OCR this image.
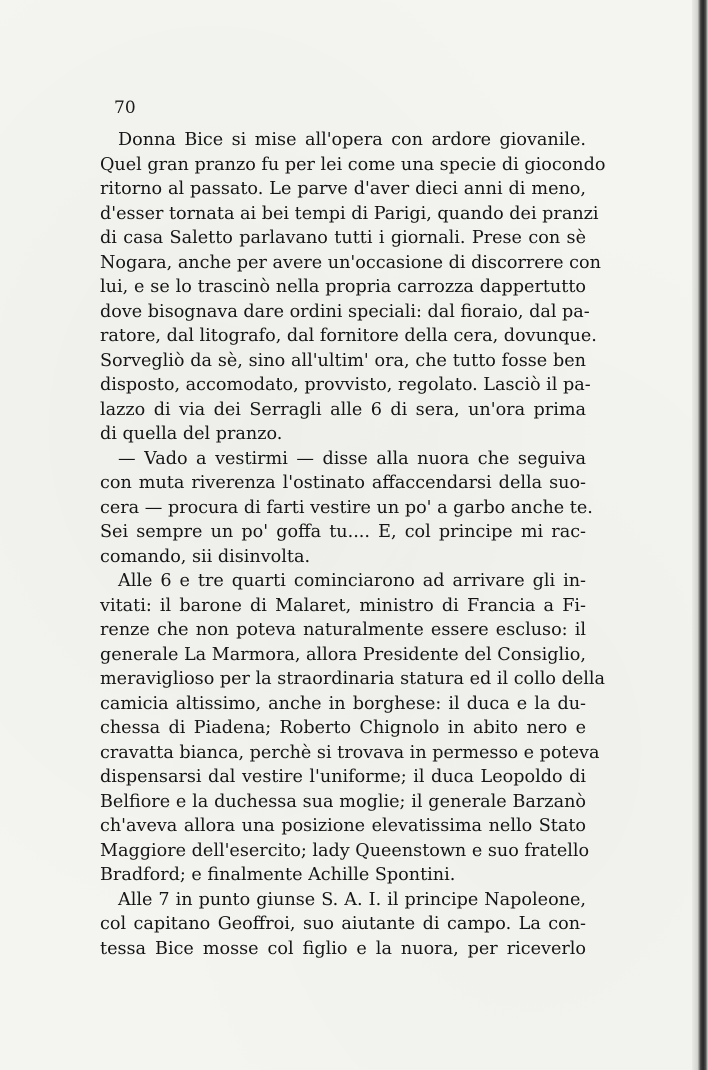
70

Donna Bice si mise all'opera con ardore giovanile.
Quel gran pranzo fu per lei come una specie di giocondo
ritorno al passato. Le parve d'aver dieci anni di meno,
d'esser tornata ai bei tempi di Parigi, quando dei pranzi
di casa Saletto parlavano tutti i giornali. Prese con sè
Nogara, anche per avere un'occasione di discorrere con
lui, e se lo trascinò nella propria carrozza dappertutto
dove bisognava dare ordini speciali: dal fioraio, dal pa-
ratore, dal litografo, dal fornitore della cera, dovunque.
Sorvegliò da sè, sino all'ultim' ora, che tutto fosse ben
disposto, accomodato, provvisto, regolato. Lasciò il pa-
lazzo di via dei Serragli alle 6 di sera, un'ora prima
di quella del pranzo.
— Vado a vestirmi — disse alla nuora che seguiva
con muta riverenza l'ostinato affaccendarsi della suo-
cera — procura di farti vestire un po' a garbo anche te.
Sei sempre un po' goffa tu.... E, col principe mi rac-
comando, sii disinvolta.
Alle 6 e tre quarti cominciarono ad arrivare gli in-
vitati: il barone di Malaret, ministro di Francia a Fi-
renze che non poteva naturalmente essere escluso: il
generale La Marmora, allora Presidente del Consiglio,
meraviglioso per la straordinaria statura ed il collo della
camicia altissimo, anche in borghese: il duca e la du-
chessa di Piadena; Roberto Chignolo in abito nero e
cravatta bianca, perchè si trovava in permesso e poteva
dispensarsi dal vestire l'uniforme; il duca Leopoldo di
Belfiore e la duchessa sua moglie; il generale Barzanò
ch'aveva allora una posizione elevatissima nello Stato
Maggiore dell'esercito; lady Queenstown e suo fratello
Bradford; e finalmente Achille Spontini.
Alle 7 in punto giunse S. A. I. il principe Napoleone,
col capitano Geoffroi, suo aiutante di campo. La con-
tessa Bice mosse col figlio e la nuora, per riceverlo
